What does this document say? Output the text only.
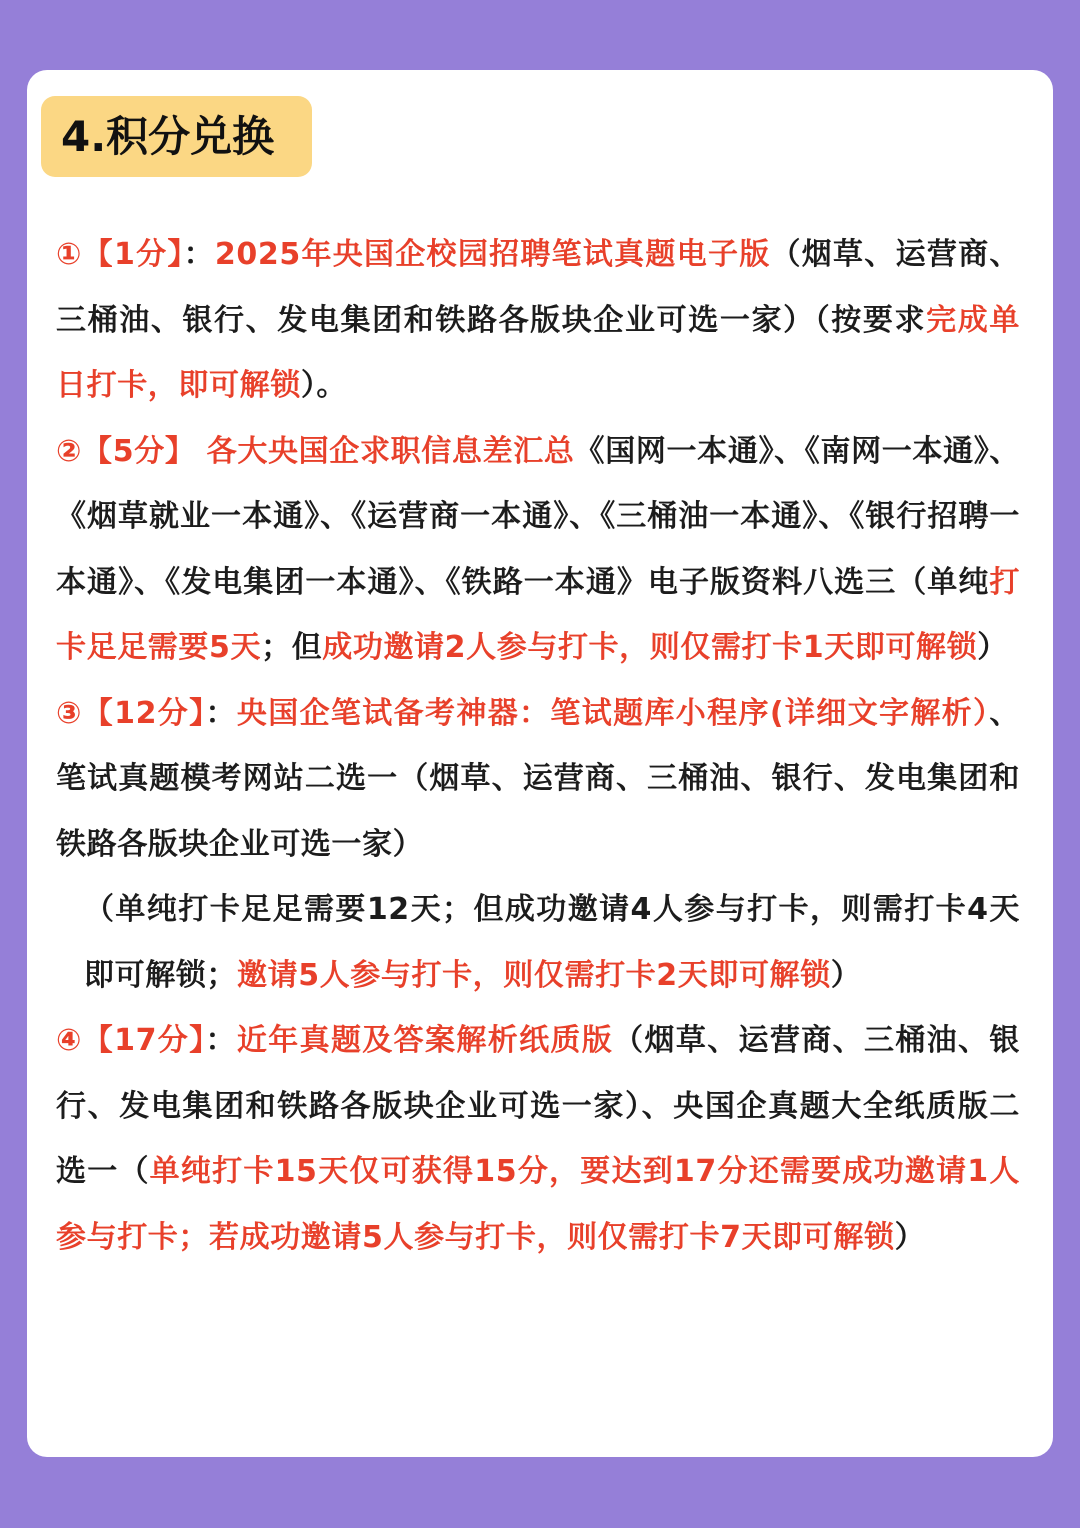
4.积分兑换

①【1分】：2025年央国企校园招聘笔试真题电子版（烟草、运营商、三桶油、银行、发电集团和铁路各版块企业可选一家）（按要求完成单日打卡，即可解锁）。

②【5分】 各大央国企求职信息差汇总《国网一本通》、《南网一本通》、《烟草就业一本通》、《运营商一本通》、《三桶油一本通》、《银行招聘一本通》、《发电集团一本通》、《铁路一本通》电子版资料八选三（单纯打卡足足需要5天；但成功邀请2人参与打卡，则仅需打卡1天即可解锁）

③【12分】：央国企笔试备考神器：笔试题库小程序(详细文字解析）、笔试真题模考网站二选一（烟草、运营商、三桶油、银行、发电集团和铁路各版块企业可选一家）

（单纯打卡足足需要12天；但成功邀请4人参与打卡，则需打卡4天即可解锁；邀请5人参与打卡，则仅需打卡2天即可解锁）

④【17分】：近年真题及答案解析纸质版（烟草、运营商、三桶油、银行、发电集团和铁路各版块企业可选一家）、央国企真题大全纸质版二选一（单纯打卡15天仅可获得15分，要达到17分还需要成功邀请1人参与打卡；若成功邀请5人参与打卡，则仅需打卡7天即可解锁）
